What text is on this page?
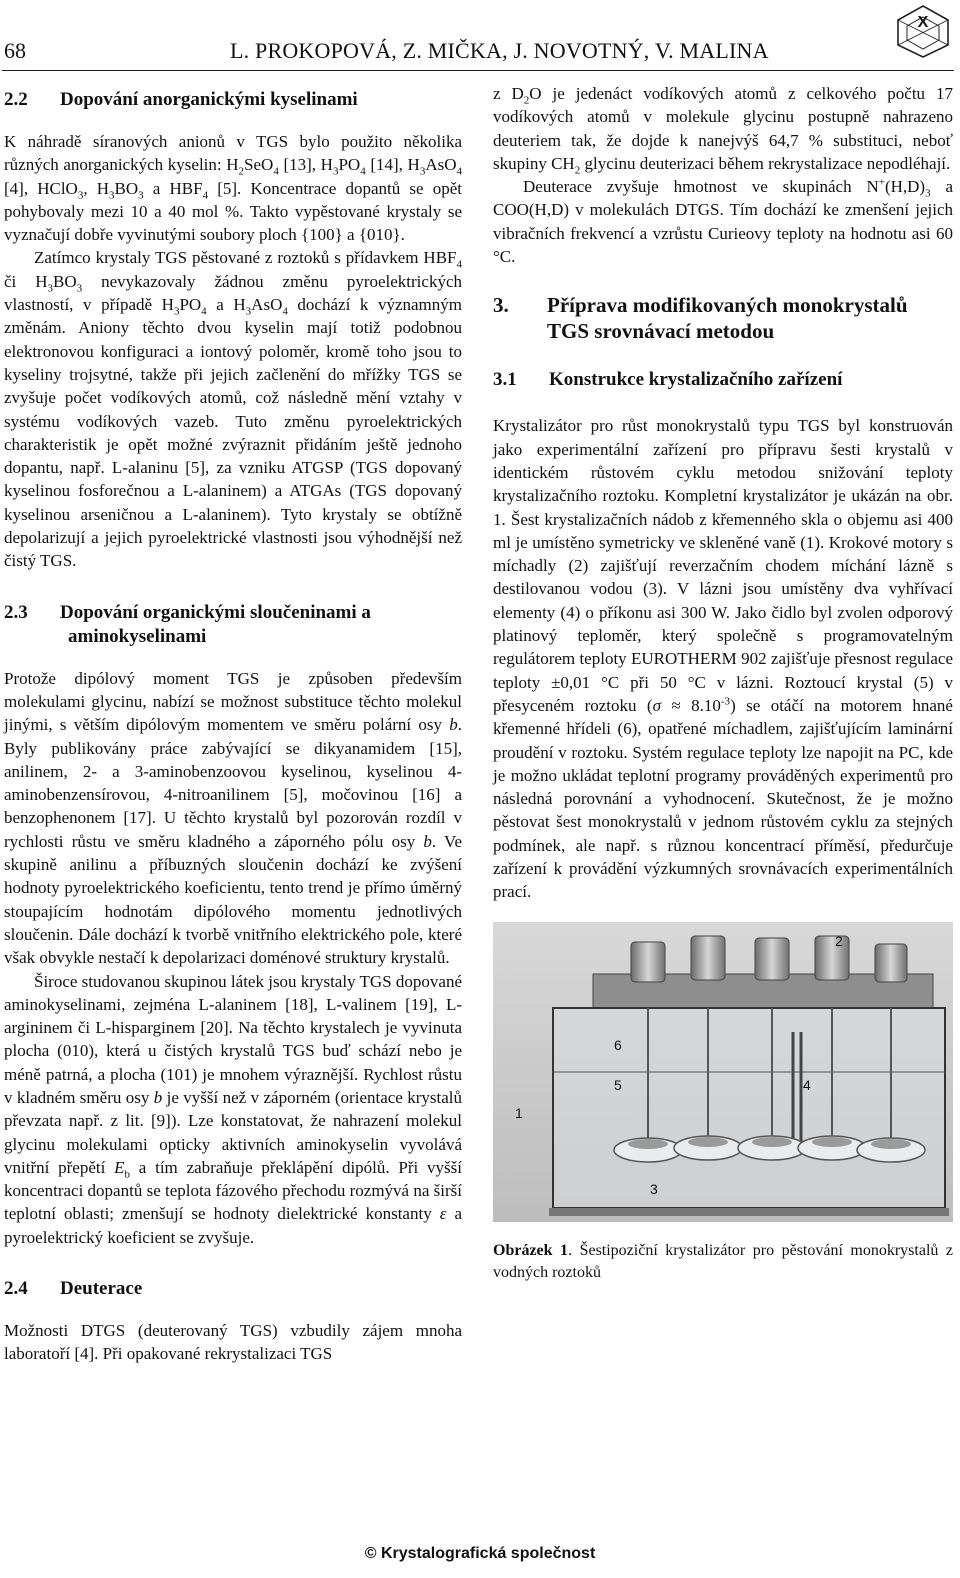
68	L. PROKOPOVÁ, Z. MIČKA, J. NOVOTNÝ, V. MALINA
X
2.2 Dopování anorganickými kyselinami

K náhradě síranových anionů v TGS bylo použito několika různých anorganických kyselin: $H_2SeO_4$ [13], $H_3PO_4$ [14], $H_3AsO_4$ [4], HClO$_3$, $H_3BO_3$ a $HBF_4$ [5]. Koncentrace dopantů se opět pohybovaly mezi 10 a 40 mol %. Takto vypěstované krystaly se vyznačují dobře vyvinutými soubory ploch {100} a {010}.

Zatímco krystaly TGS pěstované z roztoků s přídavkem $HBF_4$ či $H_3BO_3$ nevykazovaly žádnou změnu pyroelektrických vlastností, v případě $H_3PO_4$ a $H_3AsO_4$ dochází k významným změnám. Aniony těchto dvou kyselin mají totiž podobnou elektronovou konfiguraci a iontový poloměr, kromě toho jsou to kyseliny trojsytné, takže při jejich začlenění do mřížky TGS se zvyšuje počet vodíkových atomů, což následně mění vztahy v systému vodíkových vazeb. Tuto změnu pyroelektrických charakteristik je opět možné zvýraznit přidáním ještě jednoho dopantu, např. L-alaninu [5], za vzniku ATGSP (TGS dopovaný kyselinou fosforečnou a L-alaninem) a ATGAs (TGS dopovaný kyselinou arseničnou a L-alaninem). Tyto krystaly se obtížně depolarizují a jejich pyroelektrické vlastnosti jsou výhodnější než čistý TGS.

2.3 Dopování organickými sloučeninami a
aminokyselinami

Protože dipólový moment TGS je způsoben především molekulami glycinu, nabízí se možnost substituce těchto molekul jinými, s větším dipólovým momentem ve směru polární osy b. Byly publikovány práce zabývající se dikyanamidem [15], anilinem, 2- a 3-aminobenzoovou kyselinou, kyselinou 4-aminobenzensírovou, 4-nitroanilinem [5], močovinou [16] a benzophenonem [17]. U těchto krystalů byl pozorován rozdíl v rychlosti růstu ve směru kladného a záporného pólu osy b. Ve skupině anilinu a příbuzných sloučenin dochází ke zvýšení hodnoty pyroelektrického koeficientu, tento trend je přímo úměrný stoupajícím hodnotám dipólového momentu jednotlivých sloučenin. Dále dochází k tvorbě vnitřního elektrického pole, které však obvykle nestačí k depolarizaci doménové struktury krystalů.

Široce studovanou skupinou látek jsou krystaly TGS dopované aminokyselinami, zejména L-alaninem [18], L-valinem [19], L-argininem či L-hisparginem [20]. Na těchto krystalech je vyvinuta plocha (010), která u čistých krystalů TGS buď schází nebo je méně patrná, a plocha (101) je mnohem výraznější. Rychlost růstu v kladném směru osy b je vyšší než v záporném (orientace krystalů převzata např. z lit. [9]). Lze konstatovat, že nahrazení molekul glycinu molekulami opticky aktivních aminokyselin vyvolává vnitřní přepětí $E_b$ a tím zabraňuje překlápění dipólů. Při vyšší koncentraci dopantů se teplota fázového přechodu rozmývá na širší teplotní oblasti; zmenšují se hodnoty dielektrické konstanty ε a pyroelektrický koeficient se zvyšuje.

2.4 Deuterace

Možnosti DTGS (deuterovaný TGS) vzbudily zájem mnoha laboratoří [4]. Při opakované rekrystalizaci TGS

z $D_2O$ je jedenáct vodíkových atomů z celkového počtu 17 vodíkových atomů v molekule glycinu postupně nahrazeno deuteriem tak, že dojde k nanejvýš 64,7 % substituci, neboť skupiny $CH_2$ glycinu deuterizaci během rekrystalizace nepodléhají.

Deuterace zvyšuje hmotnost ve skupinách $N^+(H,D)_3$ a COO(H,D) v molekulách DTGS. Tím dochází ke zmenšení jejich vibračních frekvencí a vzrůstu Curieovy teploty na hodnotu asi 60 °C.

3. Příprava modifikovaných monokrystalů
TGS srovnávací metodou
3.1 Konstrukce krystalizačního zařízení

Krystalizátor pro růst monokrystalů typu TGS byl konstruován jako experimentální zařízení pro přípravu šesti krystalů v identickém růstovém cyklu metodou snižování teploty krystalizačního roztoku. Kompletní krystalizátor je ukázán na obr. 1. Šest krystalizačních nádob z křemenného skla o objemu asi 400 ml je umístěno symetricky ve skleněné vaně (1). Krokové motory s míchadly (2) zajišťují reverzačním chodem míchání lázně s destilovanou vodou (3). V lázni jsou umístěny dva vyhřívací elementy (4) o příkonu asi 300 W. Jako čidlo byl zvolen odporový platinový teploměr, který společně s programovatelným regulátorem teploty EUROTHERM 902 zajišťuje přesnost regulace teploty ±0,01 °C při 50 °C v lázni. Roztoucí krystal (5) v přesyceném roztoku $(\sigma \approx 8.10^{-3})$ se otáčí na motorem hnané křemenné hřídeli (6), opatřené míchadlem, zajišťujícím laminární proudění v roztoku. Systém regulace teploty lze napojit na PC, kde je možno ukládat teplotní programy prováděných experimentů pro následná porovnání a vyhodnocení. Skutečnost, že je možno pěstovat šest monokrystalů v jednom růstovém cyklu za stejných podmínek, ale např. s různou koncentrací příměsí, předurčuje zařízení k provádění výzkumných srovnávacích experimentálních prací.

1
2
3
4
5
6
Obrázek 1. Šestipoziční krystalizátor pro pěstování monokrystalů z vodných roztoků
© Krystalografická společnost
